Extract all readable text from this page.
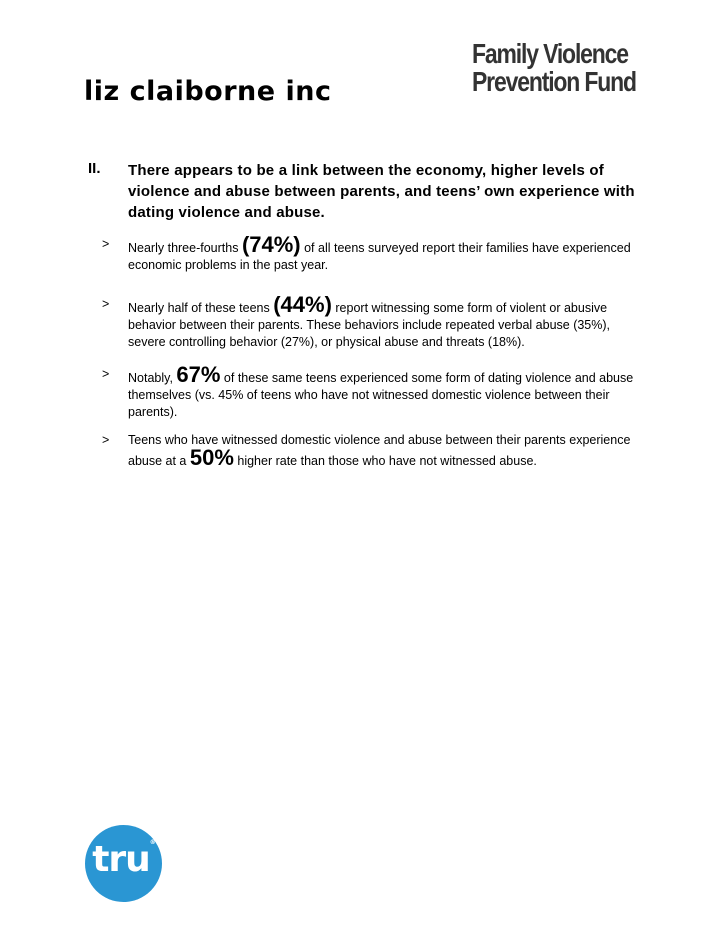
liz claiborne inc
Family Violence
Prevention Fund
II. There appears to be a link between the economy, higher levels of violence and abuse between parents, and teens’ own experience with dating violence and abuse.
> Nearly three-fourths (74%) of all teens surveyed report their families have experienced economic problems in the past year.
> Nearly half of these teens (44%) report witnessing some form of violent or abusive behavior between their parents. These behaviors include repeated verbal abuse (35%), severe controlling behavior (27%), or physical abuse and threats (18%).
> Notably, 67% of these same teens experienced some form of dating violence and abuse themselves (vs. 45% of teens who have not witnessed domestic violence between their parents).
> Teens who have witnessed domestic violence and abuse between their parents experience abuse at a 50% higher rate than those who have not witnessed abuse.
tru®
